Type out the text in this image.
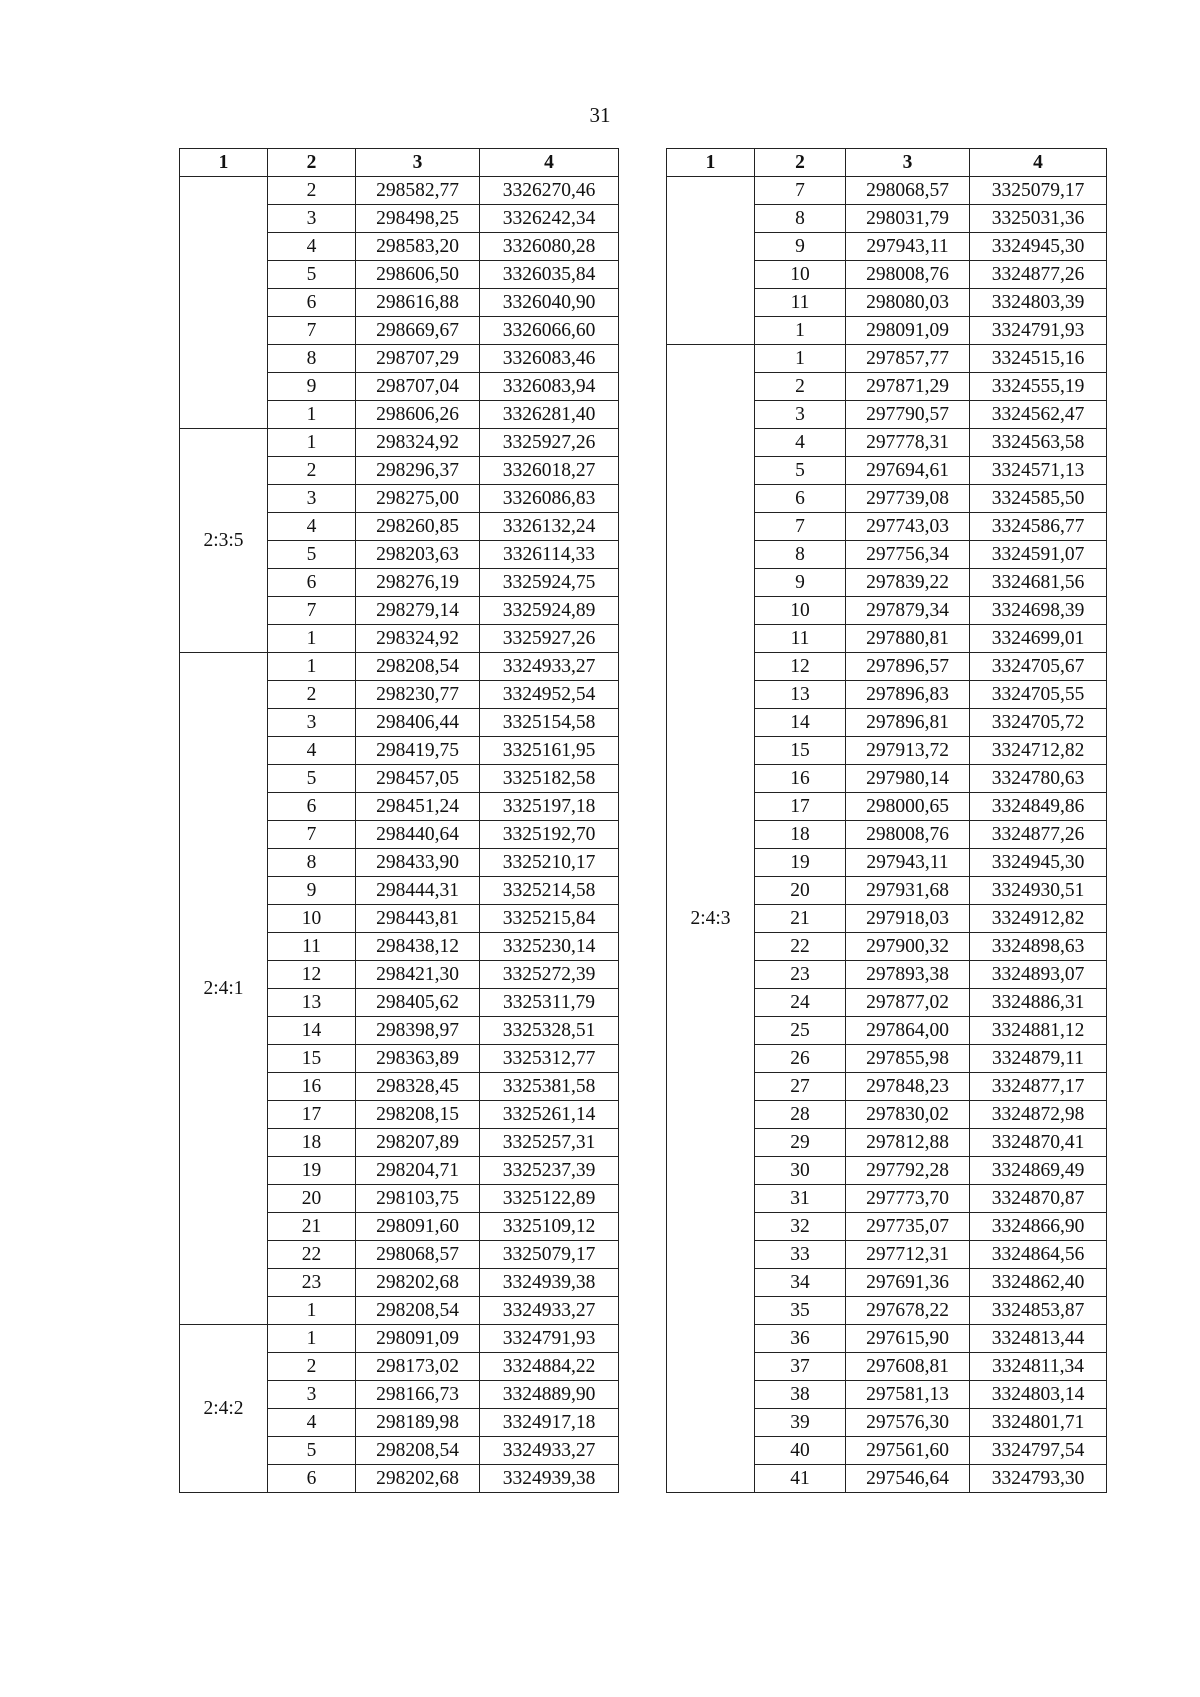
31
1	2	3	4
	2	298582,77	3326270,46
	3	298498,25	3326242,34
	4	298583,20	3326080,28
	5	298606,50	3326035,84
	6	298616,88	3326040,90
	7	298669,67	3326066,60
	8	298707,29	3326083,46
	9	298707,04	3326083,94
	1	298606,26	3326281,40
2:3:5	1	298324,92	3325927,26
	2	298296,37	3326018,27
	3	298275,00	3326086,83
	4	298260,85	3326132,24
	5	298203,63	3326114,33
	6	298276,19	3325924,75
	7	298279,14	3325924,89
	1	298324,92	3325927,26
2:4:1	1	298208,54	3324933,27
	2	298230,77	3324952,54
	3	298406,44	3325154,58
	4	298419,75	3325161,95
	5	298457,05	3325182,58
	6	298451,24	3325197,18
	7	298440,64	3325192,70
	8	298433,90	3325210,17
	9	298444,31	3325214,58
	10	298443,81	3325215,84
	11	298438,12	3325230,14
	12	298421,30	3325272,39
	13	298405,62	3325311,79
	14	298398,97	3325328,51
	15	298363,89	3325312,77
	16	298328,45	3325381,58
	17	298208,15	3325261,14
	18	298207,89	3325257,31
	19	298204,71	3325237,39
	20	298103,75	3325122,89
	21	298091,60	3325109,12
	22	298068,57	3325079,17
	23	298202,68	3324939,38
	1	298208,54	3324933,27
2:4:2	1	298091,09	3324791,93
	2	298173,02	3324884,22
	3	298166,73	3324889,90
	4	298189,98	3324917,18
	5	298208,54	3324933,27
	6	298202,68	3324939,38
1	2	3	4
	7	298068,57	3325079,17
	8	298031,79	3325031,36
	9	297943,11	3324945,30
	10	298008,76	3324877,26
	11	298080,03	3324803,39
	1	298091,09	3324791,93
2:4:3	1	297857,77	3324515,16
	2	297871,29	3324555,19
	3	297790,57	3324562,47
	4	297778,31	3324563,58
	5	297694,61	3324571,13
	6	297739,08	3324585,50
	7	297743,03	3324586,77
	8	297756,34	3324591,07
	9	297839,22	3324681,56
	10	297879,34	3324698,39
	11	297880,81	3324699,01
	12	297896,57	3324705,67
	13	297896,83	3324705,55
	14	297896,81	3324705,72
	15	297913,72	3324712,82
	16	297980,14	3324780,63
	17	298000,65	3324849,86
	18	298008,76	3324877,26
	19	297943,11	3324945,30
	20	297931,68	3324930,51
	21	297918,03	3324912,82
	22	297900,32	3324898,63
	23	297893,38	3324893,07
	24	297877,02	3324886,31
	25	297864,00	3324881,12
	26	297855,98	3324879,11
	27	297848,23	3324877,17
	28	297830,02	3324872,98
	29	297812,88	3324870,41
	30	297792,28	3324869,49
	31	297773,70	3324870,87
	32	297735,07	3324866,90
	33	297712,31	3324864,56
	34	297691,36	3324862,40
	35	297678,22	3324853,87
	36	297615,90	3324813,44
	37	297608,81	3324811,34
	38	297581,13	3324803,14
	39	297576,30	3324801,71
	40	297561,60	3324797,54
	41	297546,64	3324793,30
